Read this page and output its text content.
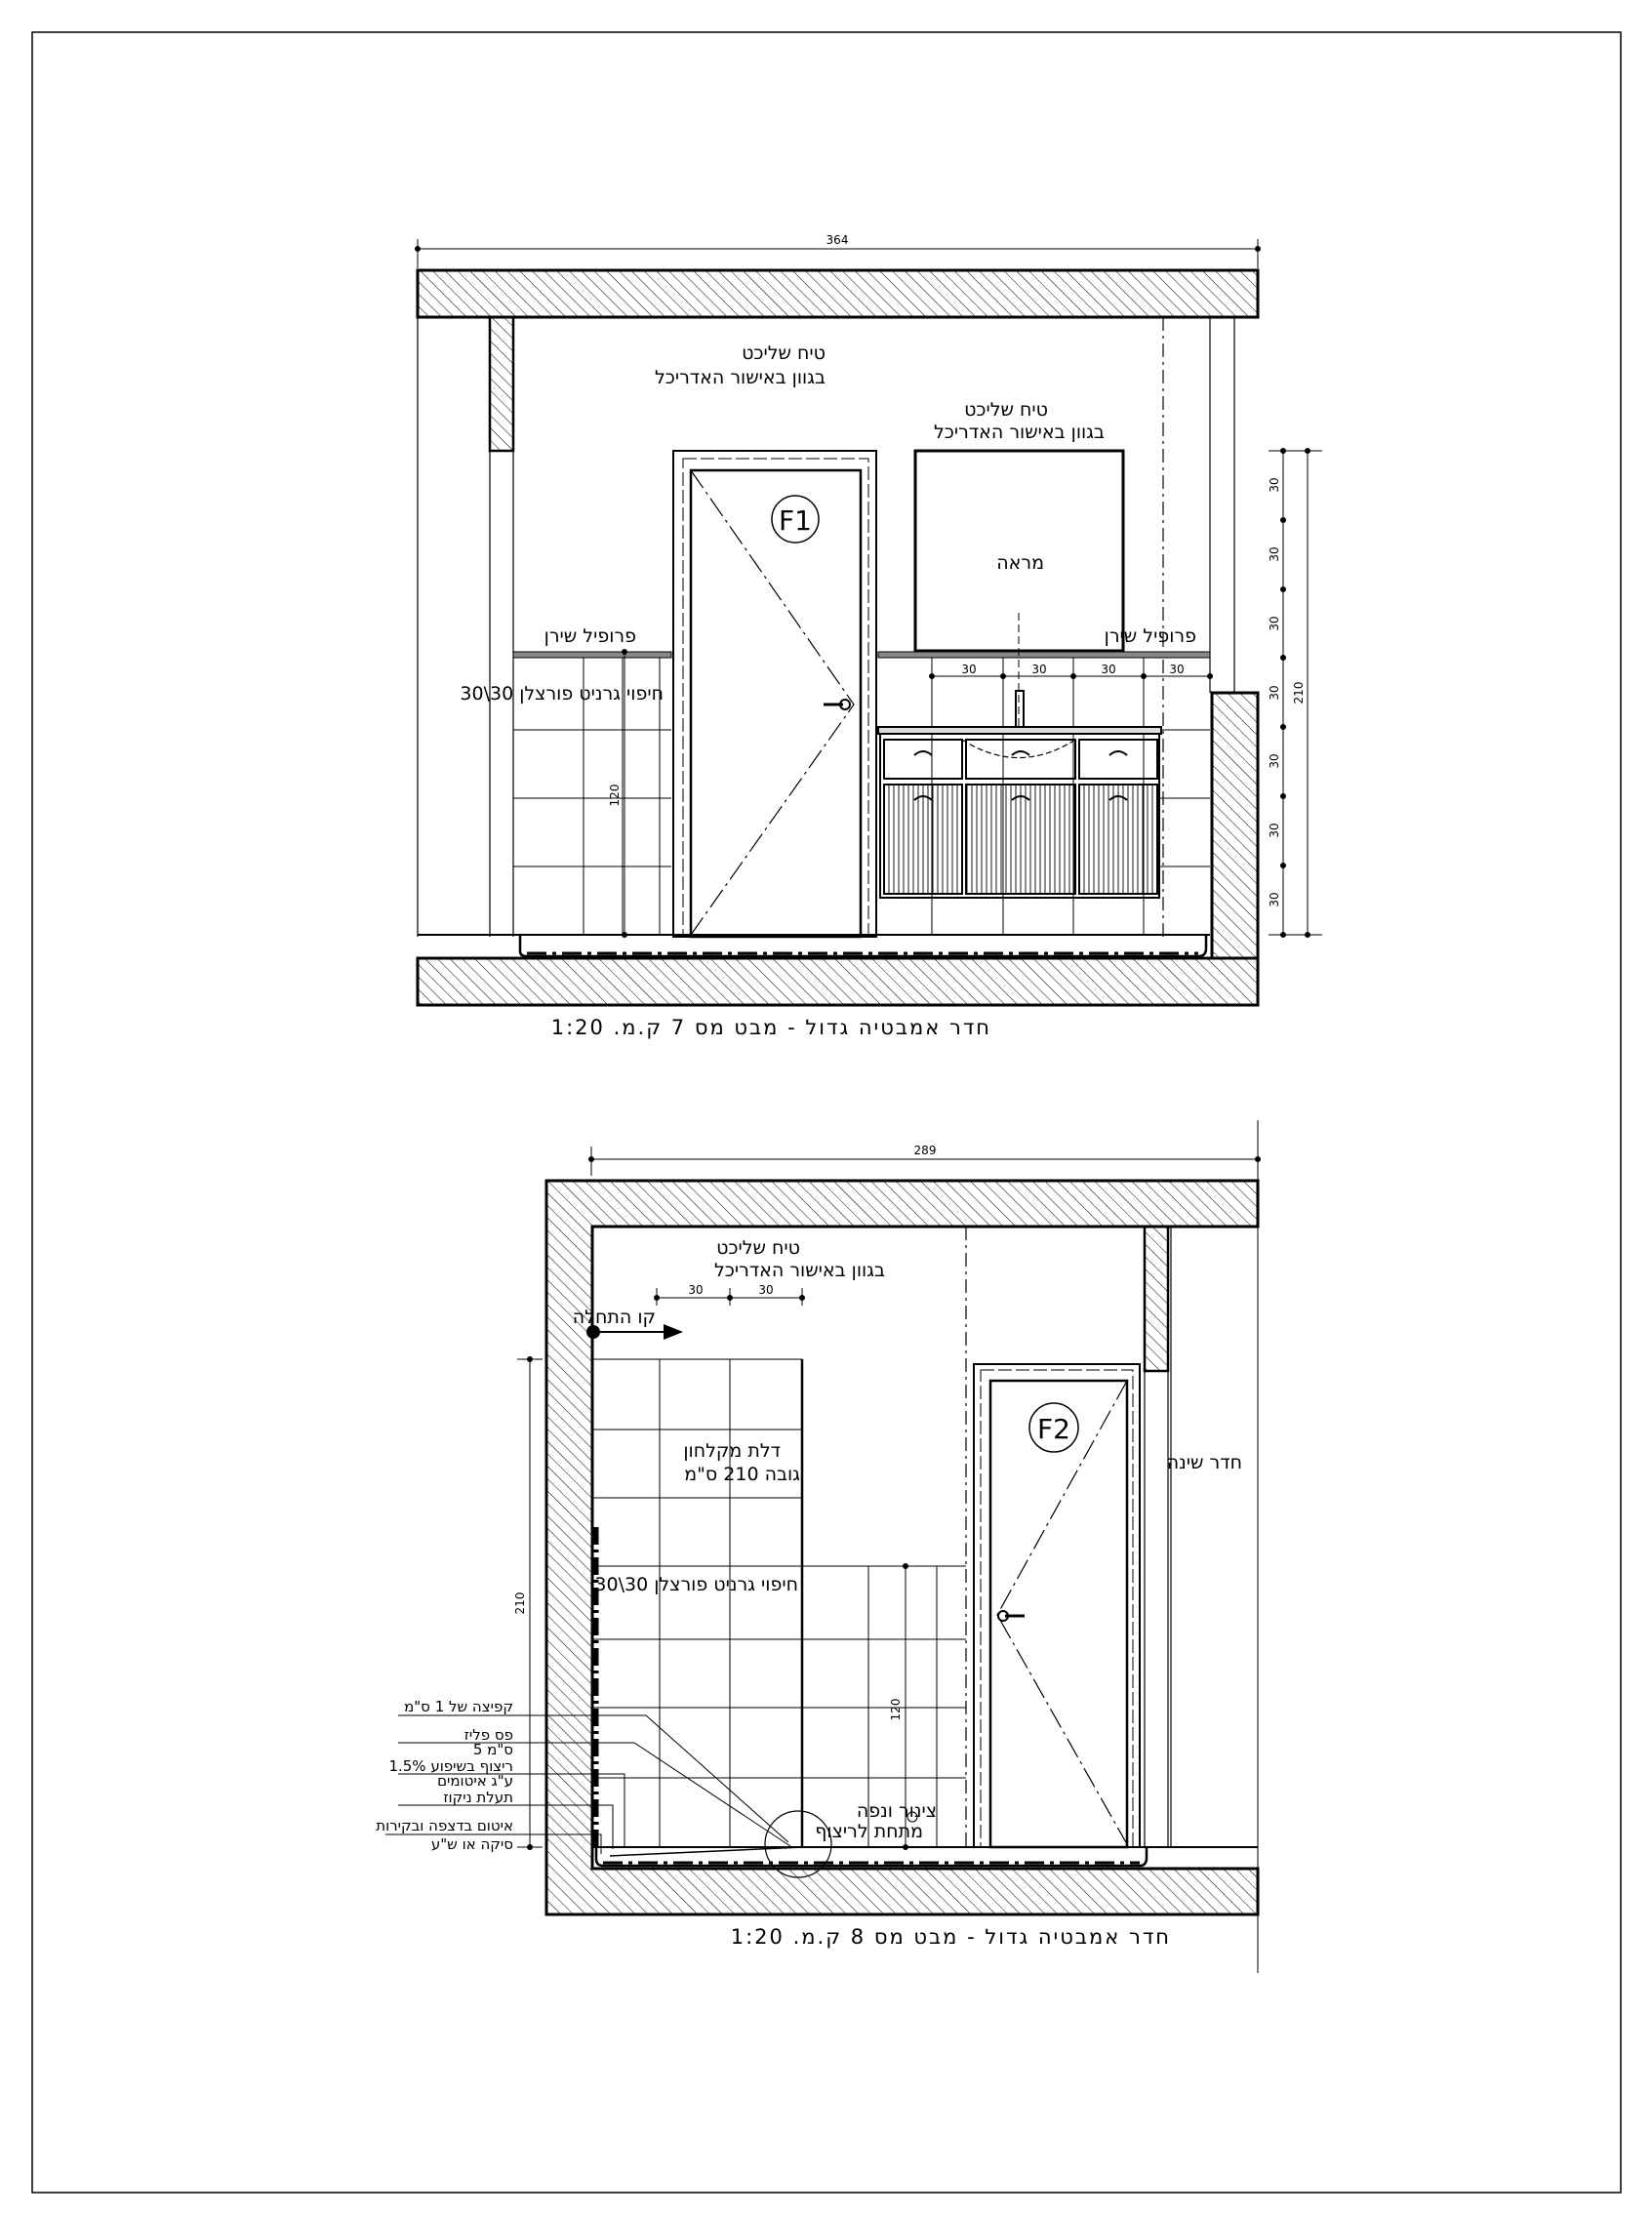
364
120
F1
מראה
30	30	30	30
30
30
30
30
30
30
30
210
טיח שליכט
בגוון באישור האדריכל
טיח שליכט
בגוון באישור האדריכל
פרופיל שירן	פרופיל שירן
חיפוי גרניט פורצלן 30\30
חדר אמבטיה גדול - מבט מס 7 ק.מ. 1:20
289
30	30
קו התחלה
120
210
F2
טיח שליכט
בגוון באישור האדריכל
דלת מקלחון
גובה 210 ס"מ
חיפוי גרניט פורצלן 30\30
חדר שינה
צינור ונפה
מתחת לריצוף
קפיצה של 1 ס"מ
פס פליז
5 ס"מ
ריצוף בשיפוע 1.5%
ע"ג איטומים
תעלת ניקוז
איטום בדצפה ובקירות
סיקה או ש"ע
חדר אמבטיה גדול - מבט מס 8 ק.מ. 1:20
